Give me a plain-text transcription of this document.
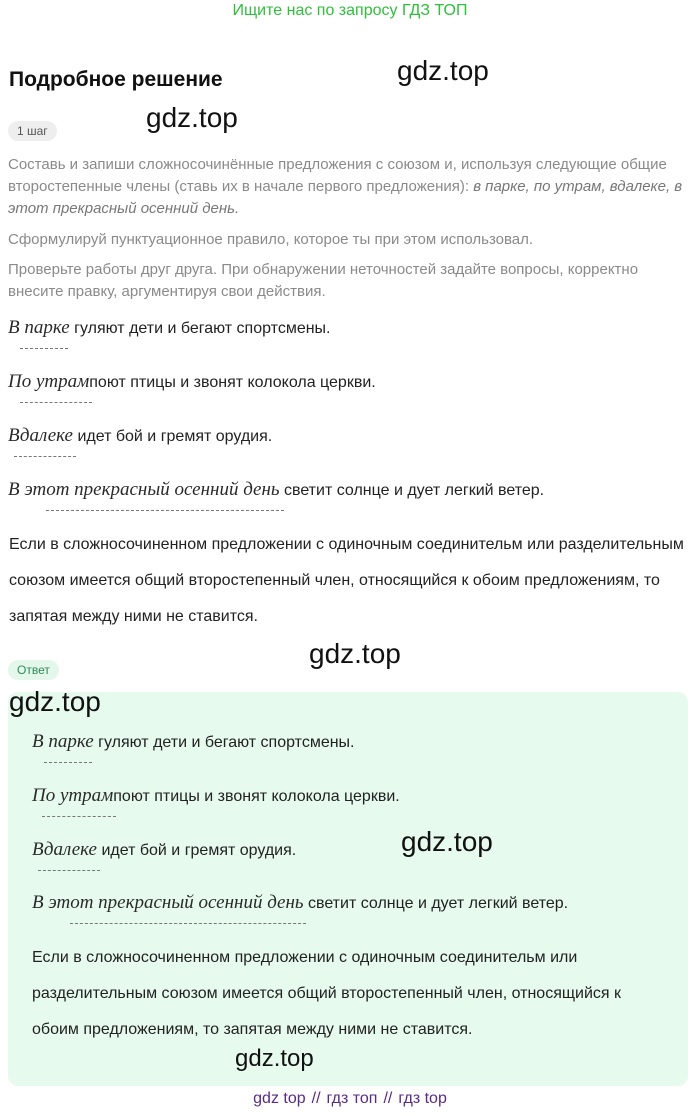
Ищите нас по запросу ГДЗ ТОП
Подробное решение	gdz.top
1 шаг	gdz.top
Составь и запиши сложносочинённые предложения с союзом и, используя следующие общие второстепенные члены (ставь их в начале первого предложения): в парке, по утрам, вдалеке, в этот прекрасный осенний день.
Сформулируй пунктуационное правило, которое ты при этом использовал.
Проверьте работы друг друга. При обнаружении неточностей задайте вопросы, корректно внесите правку, аргументируя свои действия.
В парке гуляют дети и бегают спортсмены.
По утрампоют птицы и звонят колокола церкви.
Вдалеке идет бой и гремят орудия.
В этот прекрасный осенний день светит солнце и дует легкий ветер.
Если в сложносочиненном предложении с одиночным соединительм или разделительным союзом имеется общий второстепенный член, относящийся к обоим предложениям, то запятая между ними не ставится.
gdz.top
Ответ
gdz.top
В парке гуляют дети и бегают спортсмены.
По утрампоют птицы и звонят колокола церкви.
Вдалеке идет бой и гремят орудия.	gdz.top
В этот прекрасный осенний день светит солнце и дует легкий ветер.
Если в сложносочиненном предложении с одиночным соединительм или разделительным союзом имеется общий второстепенный член, относящийся к обоим предложениям, то запятая между ними не ставится.
gdz.top
gdz top // гдз топ // гдз top
